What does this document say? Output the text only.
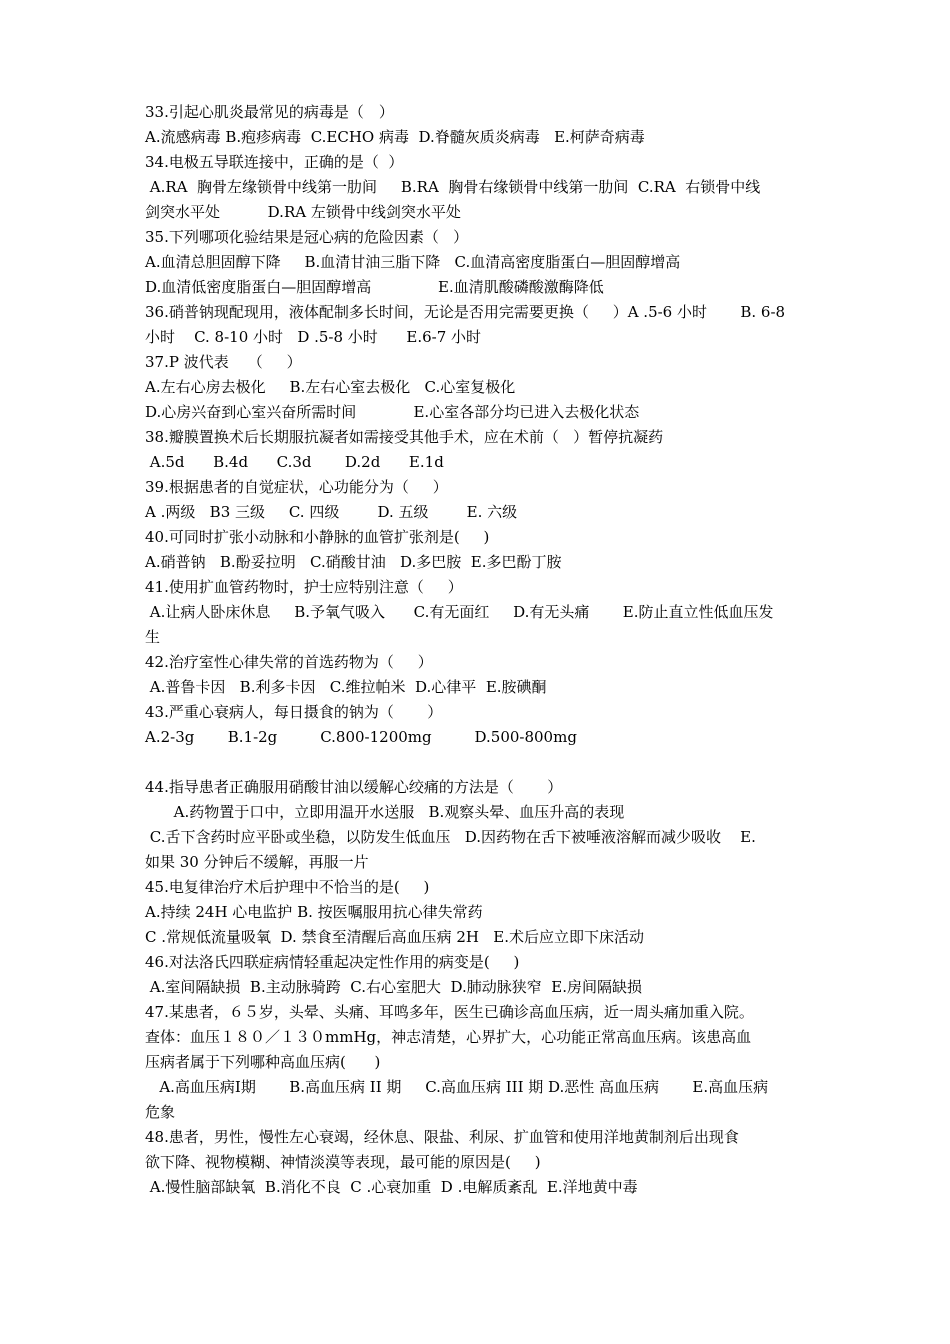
33.引起心肌炎最常见的病毒是（　）
A.流感病毒 B.疱疹病毒  C.ECHO 病毒  D.脊髓灰质炎病毒   E.柯萨奇病毒
34.电极五导联连接中，正确的是（  ）
A.RA  胸骨左缘锁骨中线第一肋间     B.RA  胸骨右缘锁骨中线第一肋间  C.RA  右锁骨中线
剑突水平处          D.RA 左锁骨中线剑突水平处
35.下列哪项化验结果是冠心病的危险因素（   ）
A.血清总胆固醇下降     B.血清甘油三脂下降   C.血清高密度脂蛋白—胆固醇增高
D.血清低密度脂蛋白—胆固醇增高              E.血清肌酸磷酸激酶降低
36.硝普钠现配现用，液体配制多长时间，无论是否用完需要更换（     ）A .5-6 小时       B. 6-8
小时    C. 8-10 小时   D .5-8 小时      E.6-7 小时
37.P 波代表    （     ）
A.左右心房去极化     B.左右心室去极化   C.心室复极化
D.心房兴奋到心室兴奋所需时间            E.心室各部分均已进入去极化状态
38.瓣膜置换术后长期服抗凝者如需接受其他手术，应在术前（   ）暂停抗凝药
A.5d      B.4d      C.3d       D.2d      E.1d
39.根据患者的自觉症状，心功能分为（     ）
A .两级   B3 三级     C. 四级        D. 五级        E. 六级
40.可同时扩张小动脉和小静脉的血管扩张剂是(     )
A.硝普钠   B.酚妥拉明   C.硝酸甘油   D.多巴胺  E.多巴酚丁胺
41.使用扩血管药物时，护士应特别注意（     ）
A.让病人卧床休息     B.予氧气吸入      C.有无面红     D.有无头痛       E.防止直立性低血压发
生
42.治疗室性心律失常的首选药物为（     ）
A.普鲁卡因   B.利多卡因   C.维拉帕米  D.心律平  E.胺碘酮
43.严重心衰病人，每日摄食的钠为（       ）
A.2-3g       B.1-2g         C.800-1200mg         D.500-800mg
44.指导患者正确服用硝酸甘油以缓解心绞痛的方法是（       ）
A.药物置于口中，立即用温开水送服   B.观察头晕、血压升高的表现
C.舌下含药时应平卧或坐稳，以防发生低血压   D.因药物在舌下被唾液溶解而减少吸收    E.
如果 30 分钟后不缓解，再服一片
45.电复律治疗术后护理中不恰当的是(     )
A.持续 24H 心电监护 B. 按医嘱服用抗心律失常药
C .常规低流量吸氧  D. 禁食至清醒后高血压病 2H   E.术后应立即下床活动
46.对法洛氏四联症病情轻重起决定性作用的病变是(     )
A.室间隔缺损  B.主动脉骑跨  C.右心室肥大  D.肺动脉狭窄  E.房间隔缺损
47.某患者，６５岁，头晕、头痛、耳鸣多年，医生已确诊高血压病，近一周头痛加重入院。
查体：血压１８０／１３０mmHg，神志清楚，心界扩大，心功能正常高血压病。该患高血
压病者属于下列哪种高血压病(      )
A.高血压病Ⅰ期       B.高血压病 II 期     C.高血压病 III 期 D.恶性 高血压病       E.高血压病
危象
48.患者，男性，慢性左心衰竭，经休息、限盐、利尿、扩血管和使用洋地黄制剂后出现食
欲下降、视物模糊、神情淡漠等表现，最可能的原因是(     )
A.慢性脑部缺氧  B.消化不良  C .心衰加重  D .电解质紊乱  E.洋地黄中毒
